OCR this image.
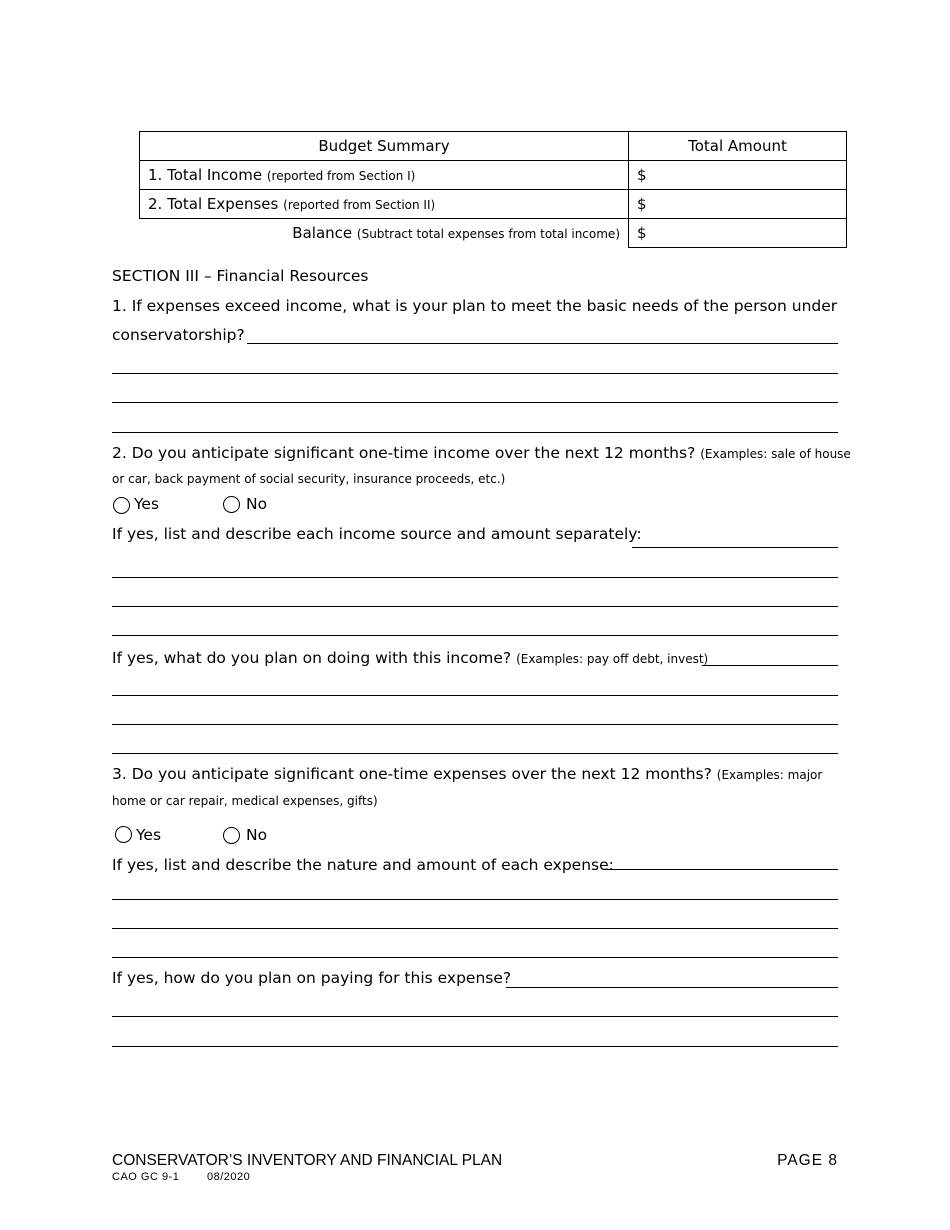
Budget Summary	Total Amount
1. Total Income (reported from Section I)	$
2. Total Expenses (reported from Section II)	$
Balance (Subtract total expenses from total income)	$
SECTION III – Financial Resources
1. If expenses exceed income, what is your plan to meet the basic needs of the person under
conservatorship?
2. Do you anticipate significant one-time income over the next 12 months? (Examples: sale of house
or car, back payment of social security, insurance proceeds, etc.)
Yes	No
If yes, list and describe each income source and amount separately:
If yes, what do you plan on doing with this income? (Examples: pay off debt, invest)
3. Do you anticipate significant one-time expenses over the next 12 months? (Examples: major
home or car repair, medical expenses, gifts)
Yes	No
If yes, list and describe the nature and amount of each expense:
If yes, how do you plan on paying for this expense?
CONSERVATOR’S INVENTORY AND FINANCIAL PLAN
CAO GC 9-1	08/2020
PAGE 8
